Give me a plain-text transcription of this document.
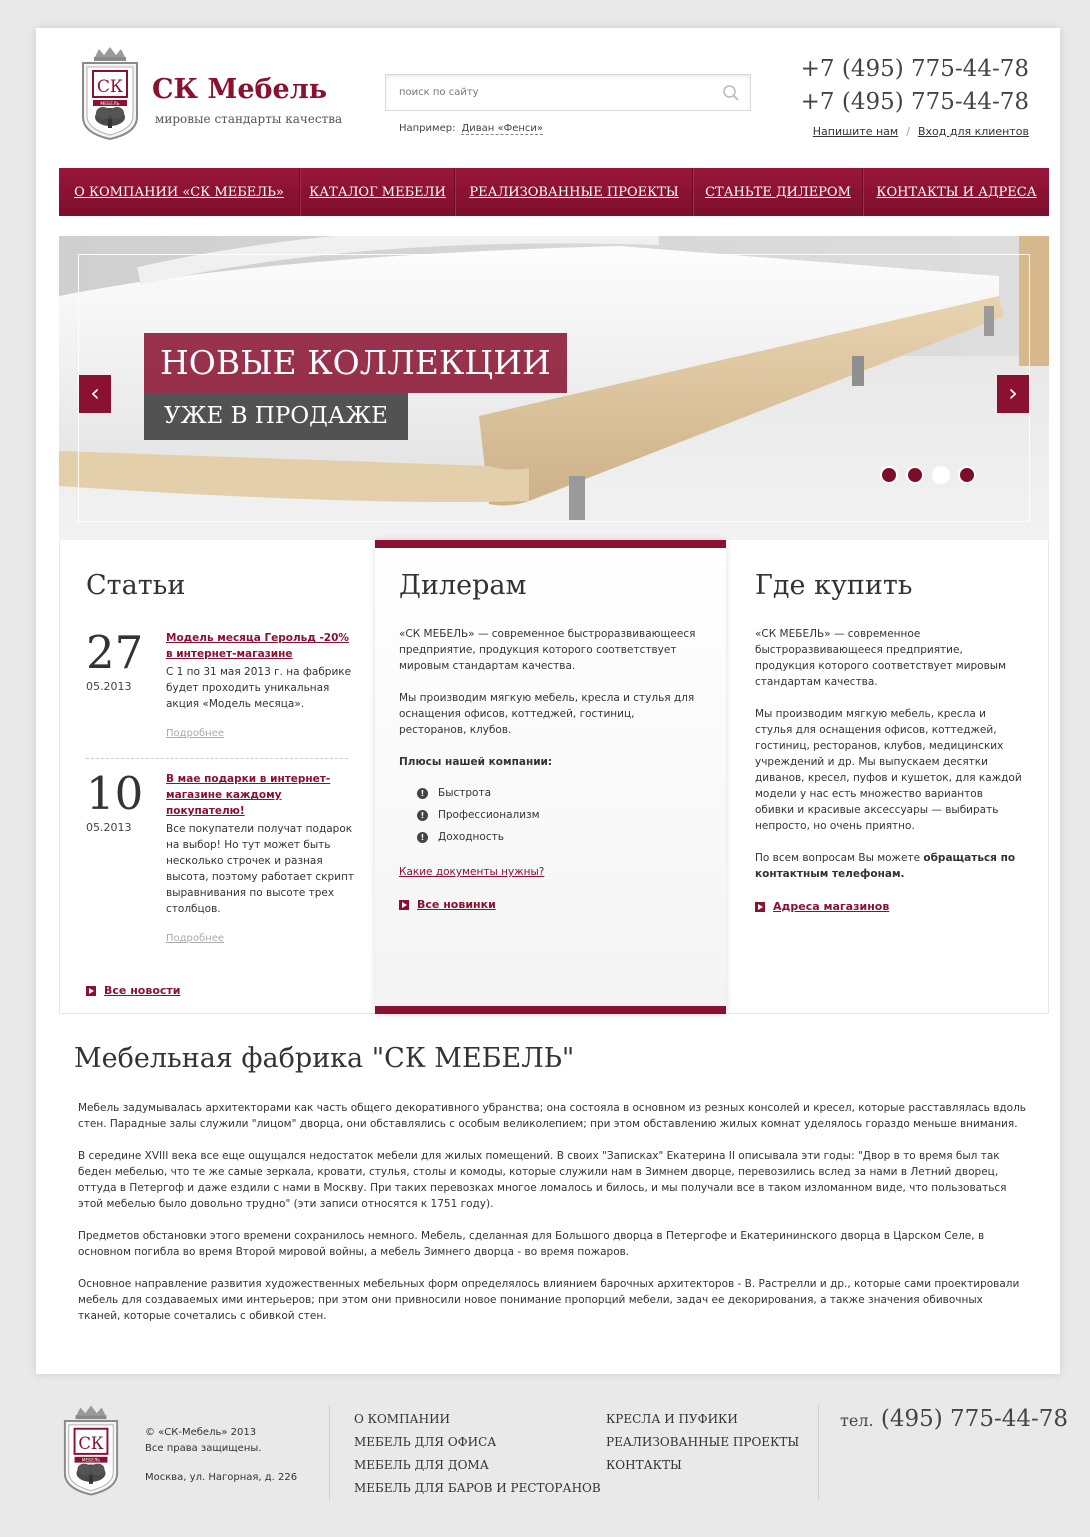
СК
МЕБЕЛЬ СК Мебель
мировые стандарты качества
поиск по сайту
Например: Диван «Фенси»
+7 (495) 775-44-78
+7 (495) 775-44-78
Напишите нам / Вход для клиентов
О КОМПАНИИ «СК МЕБЕЛЬ»	КАТАЛОГ МЕБЕЛИ	РЕАЛИЗОВАННЫЕ ПРОЕКТЫ	СТАНЬТЕ ДИЛЕРОМ	КОНТАКТЫ И АДРЕСА
НОВЫЕ КОЛЛЕКЦИИ
УЖЕ В ПРОДАЖЕ
‹	›
Статьи
27
05.2013
Модель месяца Герольд -20% в интернет-магазине
С 1 по 31 мая 2013 г. на фабрике будет проходить уникальная акция «Модель месяца».
Подробнее
10
05.2013
В мае подарки в интернет-магазине каждому покупателю!
Все покупатели получат подарок на выбор! Но тут может быть несколько строчек и разная высота, поэтому работает скрипт выравнивания по высоте трех столбцов.
Подробнее
Все новости
Дилерам

«СК МЕБЕЛЬ» — современное быстроразвивающееся предприятие, продукция которого соответствует мировым стандартам качества.

Мы производим мягкую мебель, кресла и стулья для оснащения офисов, коттеджей, гостиниц, ресторанов, клубов.

Плюсы нашей компании:

!	Быстрота
!	Профессионализм
!	Доходность
Какие документы нужны?
Все новинки
Где купить

«СК МЕБЕЛЬ» — современное быстроразвивающееся предприятие, продукция которого соответствует мировым стандартам качества.

Мы производим мягкую мебель, кресла и стулья для оснащения офисов, коттеджей, гостиниц, ресторанов, клубов, медицинских учреждений и др. Мы выпускаем десятки диванов, кресел, пуфов и кушеток, для каждой модели у нас есть множество вариантов обивки и красивые аксессуары — выбирать непросто, но очень приятно.

По всем вопросам Вы можете обращаться по контактным телефонам.

Адреса магазинов
Мебельная фабрика "СК МЕБЕЛЬ"

Мебель задумывалась архитекторами как часть общего декоративного убранства; она состояла в основном из резных консолей и кресел, которые расставлялась вдоль стен. Парадные залы служили "лицом" дворца, они обставлялись с особым великолепием; при этом обставлению жилых комнат уделялось гораздо меньше внимания.

В середине XVIII века все еще ощущался недостаток мебели для жилых помещений. В своих "Записках" Екатерина II описывала эти годы: "Двор в то время был так беден мебелью, что те же самые зеркала, кровати, стулья, столы и комоды, которые служили нам в Зимнем дворце, перевозились вслед за нами в Летний дворец, оттуда в Петергоф и даже ездили с нами в Москву. При таких перевозках многое ломалось и билось, и мы получали все в таком изломанном виде, что пользоваться этой мебелью было довольно трудно" (эти записи относятся к 1751 году).

Предметов обстановки этого времени сохранилось немного. Мебель, сделанная для Большого дворца в Петергофе и Екатерининского дворца в Царском Селе, в основном погибла во время Второй мировой войны, а мебель Зимнего дворца - во время пожаров.

Основное направление развития художественных мебельных форм определялось влиянием барочных архитекторов - В. Растрелли и др., которые сами проектировали мебель для создаваемых ими интерьеров; при этом они привносили новое понимание пропорций мебели, задач ее декорирования, а также значения обивочных тканей, которые сочетались с обивкой стен.

СК
МЕБЕЛЬ
© «СК-Мебель» 2013
Все права защищены.
Москва, ул. Нагорная, д. 226
О КОМПАНИИ
МЕБЕЛЬ ДЛЯ ОФИСА
МЕБЕЛЬ ДЛЯ ДОМА
МЕБЕЛЬ ДЛЯ БАРОВ И РЕСТОРАНОВ
КРЕСЛА И ПУФИКИ
РЕАЛИЗОВАННЫЕ ПРОЕКТЫ
КОНТАКТЫ
тел. (495) 775-44-78
